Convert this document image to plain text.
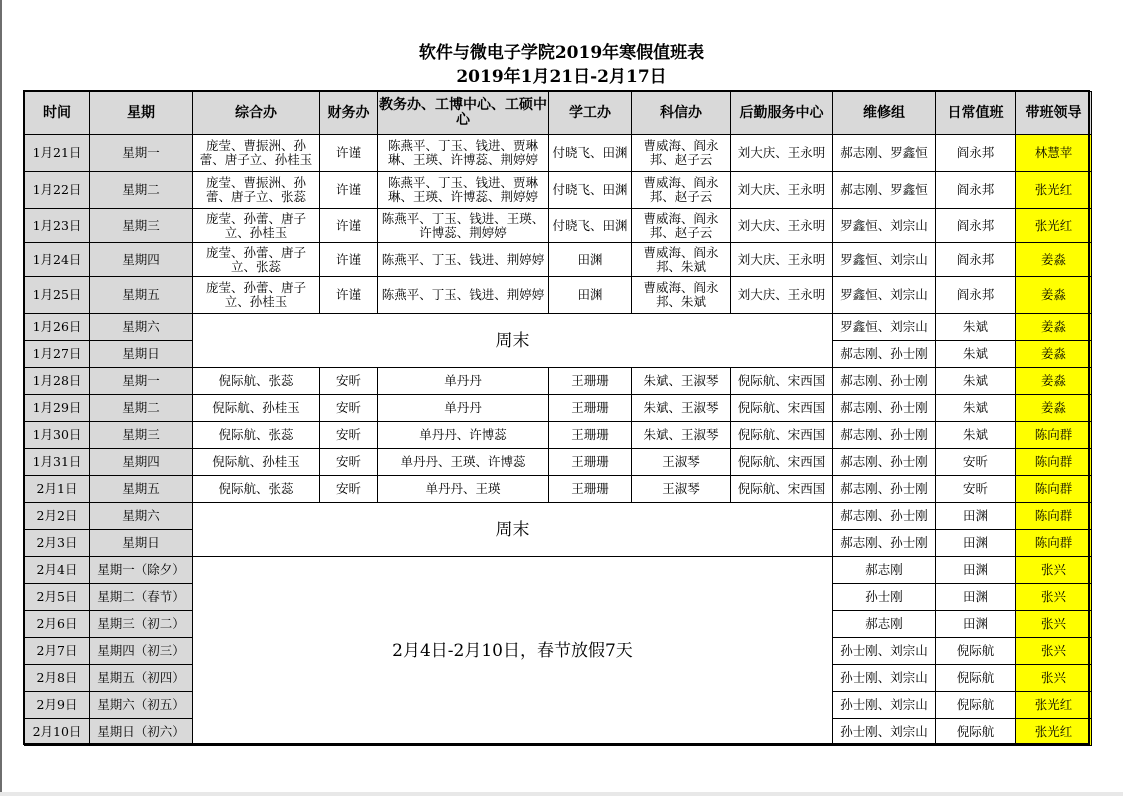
软件与微电子学院2019年寒假值班表
2019年1月21日-2月17日
时间	星期	综合办	财务办	教务办、工博中心、工硕中心	学工办	科信办	后勤服务中心	维修组	日常值班	带班领导
1月21日	星期一	庞莹、曹振洲、孙蕾、唐子立、孙桂玉	许谨	陈燕平、丁玉、钱进、贾琳琳、王瑛、许博蕊、荆婷婷	付晓飞、田渊	曹威海、阎永邦、赵子云	刘大庆、王永明	郝志刚、罗鑫恒	阎永邦	林慧苹
1月22日	星期二	庞莹、曹振洲、孙蕾、唐子立、张蕊	许谨	陈燕平、丁玉、钱进、贾琳琳、王瑛、许博蕊、荆婷婷	付晓飞、田渊	曹威海、阎永邦、赵子云	刘大庆、王永明	郝志刚、罗鑫恒	阎永邦	张光红
1月23日	星期三	庞莹、孙蕾、唐子立、孙桂玉	许谨	陈燕平、丁玉、钱进、王瑛、许博蕊、荆婷婷	付晓飞、田渊	曹威海、阎永邦、赵子云	刘大庆、王永明	罗鑫恒、刘宗山	阎永邦	张光红
1月24日	星期四	庞莹、孙蕾、唐子立、张蕊	许谨	陈燕平、丁玉、钱进、荆婷婷	田渊	曹威海、阎永邦、朱斌	刘大庆、王永明	罗鑫恒、刘宗山	阎永邦	姜淼
1月25日	星期五	庞莹、孙蕾、唐子立、孙桂玉	许谨	陈燕平、丁玉、钱进、荆婷婷	田渊	曹威海、阎永邦、朱斌	刘大庆、王永明	罗鑫恒、刘宗山	阎永邦	姜淼
1月26日	星期六	周末						罗鑫恒、刘宗山	朱斌	姜淼
1月27日	星期日							郝志刚、孙士刚	朱斌	姜淼
1月28日	星期一	倪际航、张蕊	安昕	单丹丹	王珊珊	朱斌、王淑琴	倪际航、宋西国	郝志刚、孙士刚	朱斌	姜淼
1月29日	星期二	倪际航、孙桂玉	安昕	单丹丹	王珊珊	朱斌、王淑琴	倪际航、宋西国	郝志刚、孙士刚	朱斌	姜淼
1月30日	星期三	倪际航、张蕊	安昕	单丹丹、许博蕊	王珊珊	朱斌、王淑琴	倪际航、宋西国	郝志刚、孙士刚	朱斌	陈向群
1月31日	星期四	倪际航、孙桂玉	安昕	单丹丹、王瑛、许博蕊	王珊珊	王淑琴	倪际航、宋西国	郝志刚、孙士刚	安昕	陈向群
2月1日	星期五	倪际航、张蕊	安昕	单丹丹、王瑛	王珊珊	王淑琴	倪际航、宋西国	郝志刚、孙士刚	安昕	陈向群
2月2日	星期六	周末						郝志刚、孙士刚	田渊	陈向群
2月3日	星期日							郝志刚、孙士刚	田渊	陈向群
2月4日	星期一（除夕）	2月4日-2月10日，春节放假7天						郝志刚	田渊	张兴
2月5日	星期二（春节）							孙士刚	田渊	张兴
2月6日	星期三（初二）							郝志刚	田渊	张兴
2月7日	星期四（初三）							孙士刚、刘宗山	倪际航	张兴
2月8日	星期五（初四）							孙士刚、刘宗山	倪际航	张兴
2月9日	星期六（初五）							孙士刚、刘宗山	倪际航	张光红
2月10日	星期日（初六）							孙士刚、刘宗山	倪际航	张光红
